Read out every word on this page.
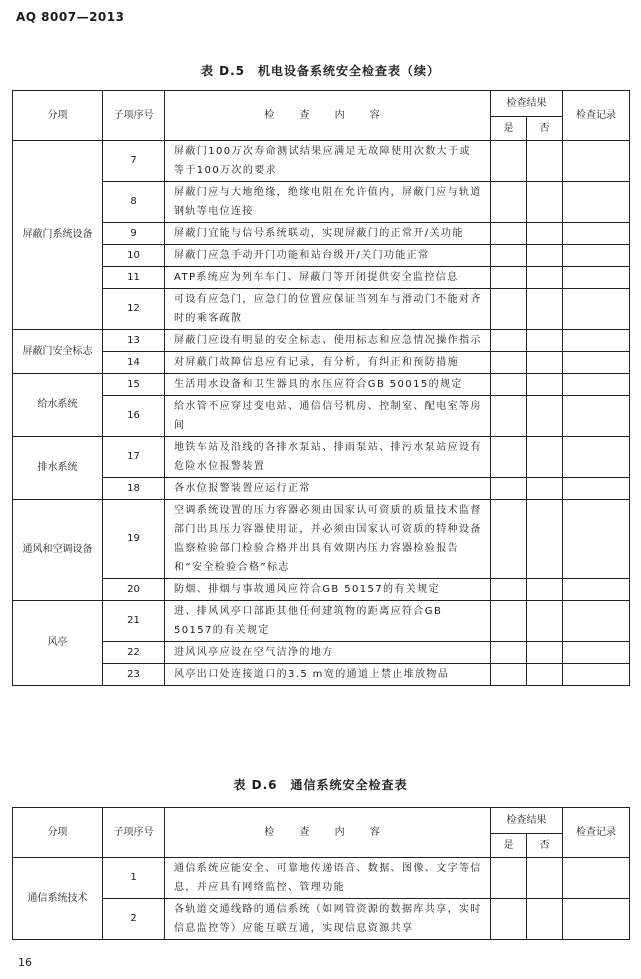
AQ 8007—2013
表 D.5　机电设备系统安全检查表（续）
分项	子项序号	检 查 内 容	检查结果		检查记录
			是	否	
屏蔽门系统设备	7	屏蔽门100万次寿命测试结果应满足无故障使用次数大于或等于100万次的要求			
	8	屏蔽门应与大地绝缘，绝缘电阻在允许值内，屏蔽门应与轨道钢轨等电位连接			
	9	屏蔽门宜能与信号系统联动，实现屏蔽门的正常开/关功能			
	10	屏蔽门应急手动开门功能和站台级开/关门功能正常			
	11	ATP系统应为列车车门、屏蔽门等开闭提供安全监控信息			
	12	可设有应急门，应急门的位置应保证当列车与滑动门不能对齐时的乘客疏散			
屏蔽门安全标志	13	屏蔽门应设有明显的安全标志、使用标志和应急情况操作指示			
	14	对屏蔽门故障信息应有记录，有分析，有纠正和预防措施			
给水系统	15	生活用水设备和卫生器具的水压应符合GB 50015的规定			
	16	给水管不应穿过变电站、通信信号机房、控制室、配电室等房间			
排水系统	17	地铁车站及沿线的各排水泵站、排雨泵站、排污水泵站应设有危险水位报警装置			
	18	各水位报警装置应运行正常			
通风和空调设备	19	空调系统设置的压力容器必须由国家认可资质的质量技术监督部门出具压力容器使用证，并必须由国家认可资质的特种设备监察检验部门检验合格并出具有效期内压力容器检验报告和“安全检验合格”标志			
	20	防烟、排烟与事故通风应符合GB 50157的有关规定			
风亭	21	进、排风风亭口部距其他任何建筑物的距离应符合GB 50157的有关规定			
	22	进风风亭应设在空气洁净的地方			
	23	风亭出口处连接道口的3.5 m宽的通道上禁止堆放物品			
表 D.6　通信系统安全检查表
分项	子项序号	检 查 内 容	检查结果		检查记录
			是	否	
通信系统技术	1	通信系统应能安全、可靠地传递语音、数据、图像、文字等信息，并应具有网络监控、管理功能			
	2	各轨道交通线路的通信系统（如网管资源的数据库共享，实时信息监控等）应能互联互通，实现信息资源共享			
16
